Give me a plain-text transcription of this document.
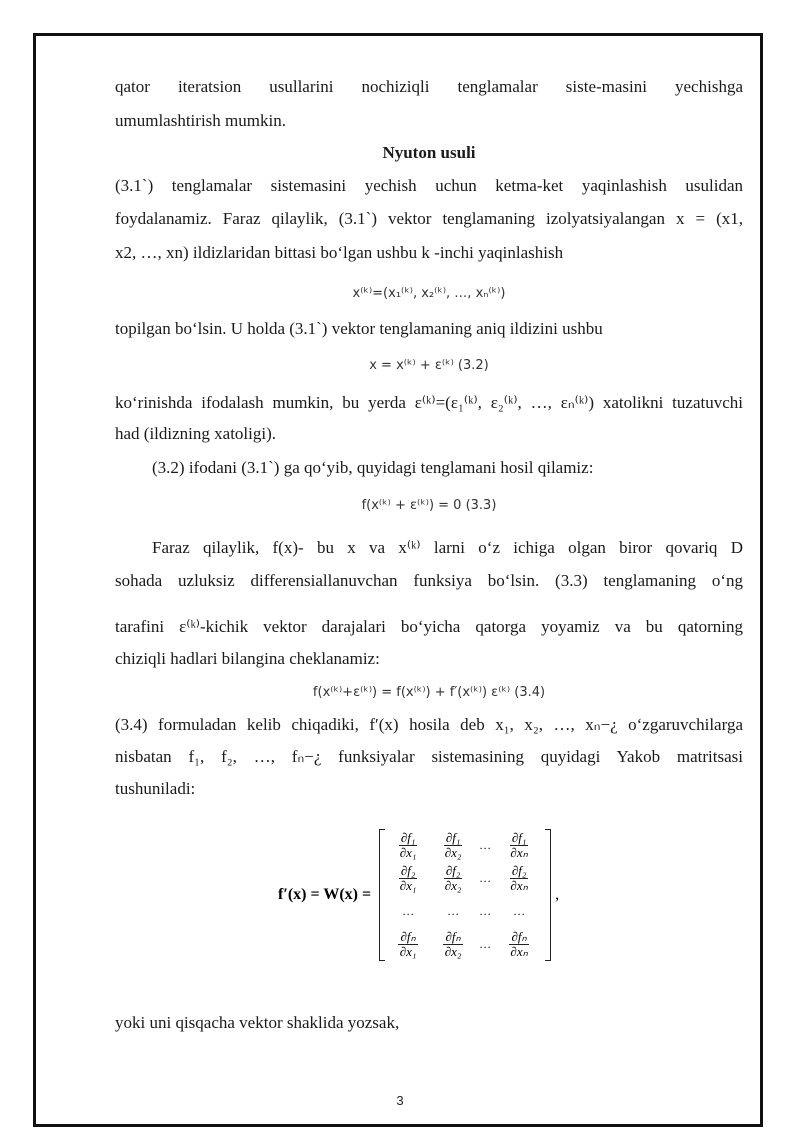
qator iteratsion usullarini nochiziqli tenglamalar siste-masini yechishga

umumlashtirish mumkin.

Nyuton usuli

(3.1`) tenglamalar sistemasini yechish uchun ketma-ket yaqinlashish usulidan

foydalanamiz. Faraz qilaylik, (3.1`) vektor tenglamaning izolyatsiyalangan x = (x1,

x2, …, xn) ildizlaridan bittasi bo‘lgan ushbu k -inchi yaqinlashish

x⁽ᵏ⁾=(x₁⁽ᵏ⁾, x₂⁽ᵏ⁾, …, xₙ⁽ᵏ⁾)

topilgan bo‘lsin. U holda (3.1`) vektor tenglamaning aniq ildizini ushbu

x = x⁽ᵏ⁾ + ε⁽ᵏ⁾ (3.2)

ko‘rinishda ifodalash mumkin, bu yerda ε⁽ᵏ⁾=(ε₁⁽ᵏ⁾, ε₂⁽ᵏ⁾, …, εₙ⁽ᵏ⁾) xatolikni tuzatuvchi

had (ildizning xatoligi).

(3.2) ifodani (3.1`) ga qo‘yib, quyidagi tenglamani hosil qilamiz:

f(x⁽ᵏ⁾ + ε⁽ᵏ⁾) = 0 (3.3)

Faraz qilaylik, f(x)- bu x va x⁽ᵏ⁾ larni o‘z ichiga olgan biror qovariq D

sohada uzluksiz differensiallanuvchan funksiya bo‘lsin. (3.3) tenglamaning o‘ng

tarafini ε⁽ᵏ⁾-kichik vektor darajalari bo‘yicha qatorga yoyamiz va bu qatorning

chiziqli hadlari bilangina cheklanamiz:

f(x⁽ᵏ⁾+ε⁽ᵏ⁾) = f(x⁽ᵏ⁾) + f′(x⁽ᵏ⁾) ε⁽ᵏ⁾ (3.4)

(3.4) formuladan kelib chiqadiki, f′(x) hosila deb x₁, x₂, …, xₙ−¿ o‘zgaruvchilarga

nisbatan f₁, f₂, …, fₙ−¿ funksiyalar sistemasining quyidagi Yakob matritsasi

tushuniladi:

f′(x) = W(x) =
$\frac{\text{∂f₁}}{\text{∂x₁}} \frac{\text{∂f₁}}{\text{∂x₂}}$ … $\frac{\text{∂f₁}}{\text{∂xₙ}}$
$\frac{\text{∂f₂}}{\text{∂x₁}} \frac{\text{∂f₂}}{\text{∂x₂}}$ … $\frac{\text{∂f₂}}{\text{∂xₙ}}$
…	…	…	…
$\frac{\text{∂fₙ}}{\text{∂x₁}} \frac{\text{∂fₙ}}{\text{∂x₂}}$ … $\frac{\text{∂fₙ}}{\text{∂xₙ}}$
,

yoki uni qisqacha vektor shaklida yozsak,

3
